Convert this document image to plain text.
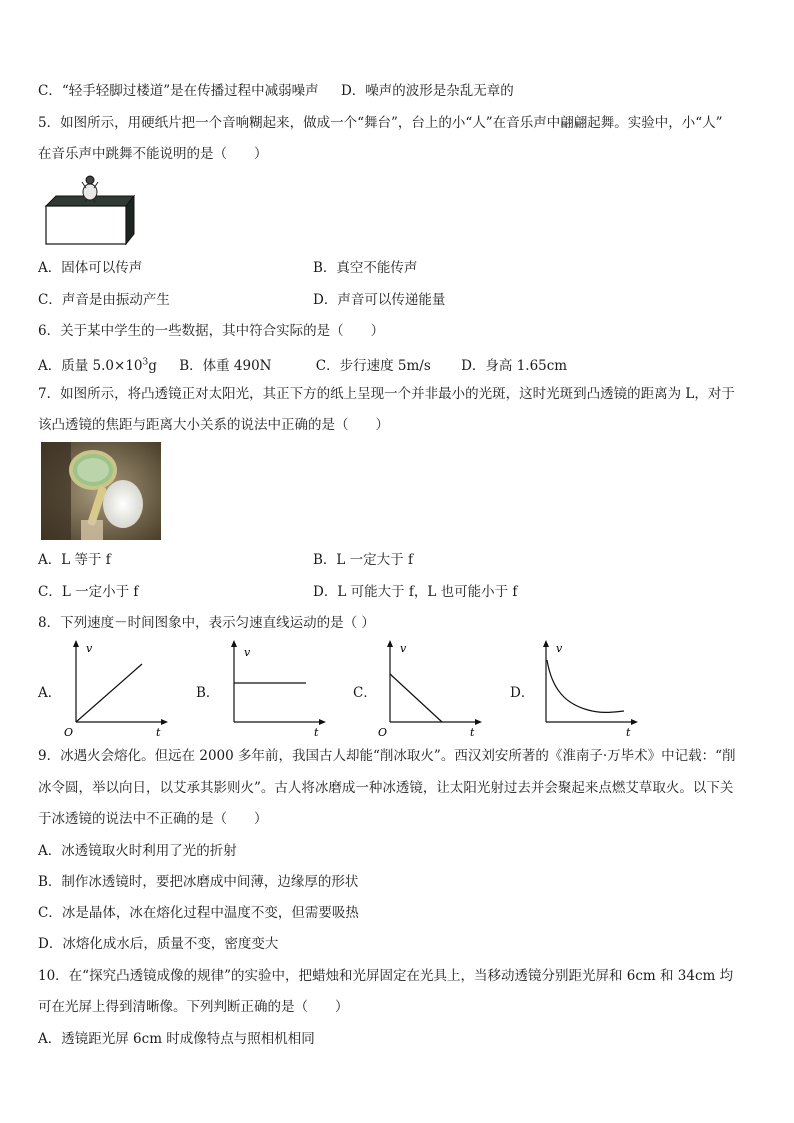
C．“轻手轻脚过楼道”是在传播过程中减弱噪声 D．噪声的波形是杂乱无章的
5．如图所示，用硬纸片把一个音响糊起来，做成一个“舞台”，台上的小“人”在音乐声中翩翩起舞。实验中，小“人”
在音乐声中跳舞不能说明的是（　　）
A．固体可以传声	B．真空不能传声
C．声音是由振动产生	D．声音可以传递能量
6．关于某中学生的一些数据，其中符合实际的是（　　）
A．质量 $5.0\times 10^3g$ B．体重 490N	C．步行速度 5m/s D．身高 1.65cm
7．如图所示，将凸透镜正对太阳光，其正下方的纸上呈现一个并非最小的光斑，这时光斑到凸透镜的距离为 L，对于
该凸透镜的焦距与距离大小关系的说法中正确的是（　　）
A．L 等于 f	B．L 一定大于 f
C．L 一定小于 f	D．L 可能大于 f，L 也可能小于 f
8．下列速度－时间图象中，表示匀速直线运动的是（ ）
A．	B．	C．	D．
v
t
O
v
t
v
t
O
v
t
9．冰遇火会熔化。但远在 2000 多年前，我国古人却能“削冰取火”。西汉刘安所著的《淮南子·万毕术》中记载：“削
冰令圆，举以向日，以艾承其影则火”。古人将冰磨成一种冰透镜，让太阳光射过去并会聚起来点燃艾草取火。以下关
于冰透镜的说法中不正确的是（　　）
A．冰透镜取火时利用了光的折射
B．制作冰透镜时，要把冰磨成中间薄，边缘厚的形状
C．冰是晶体，冰在熔化过程中温度不变，但需要吸热
D．冰熔化成水后，质量不变，密度变大
10．在“探究凸透镜成像的规律”的实验中，把蜡烛和光屏固定在光具上，当移动透镜分别距光屏和 6cm 和 34cm 均
可在光屏上得到清晰像。下列判断正确的是（　　）
A．透镜距光屏 6cm 时成像特点与照相机相同
